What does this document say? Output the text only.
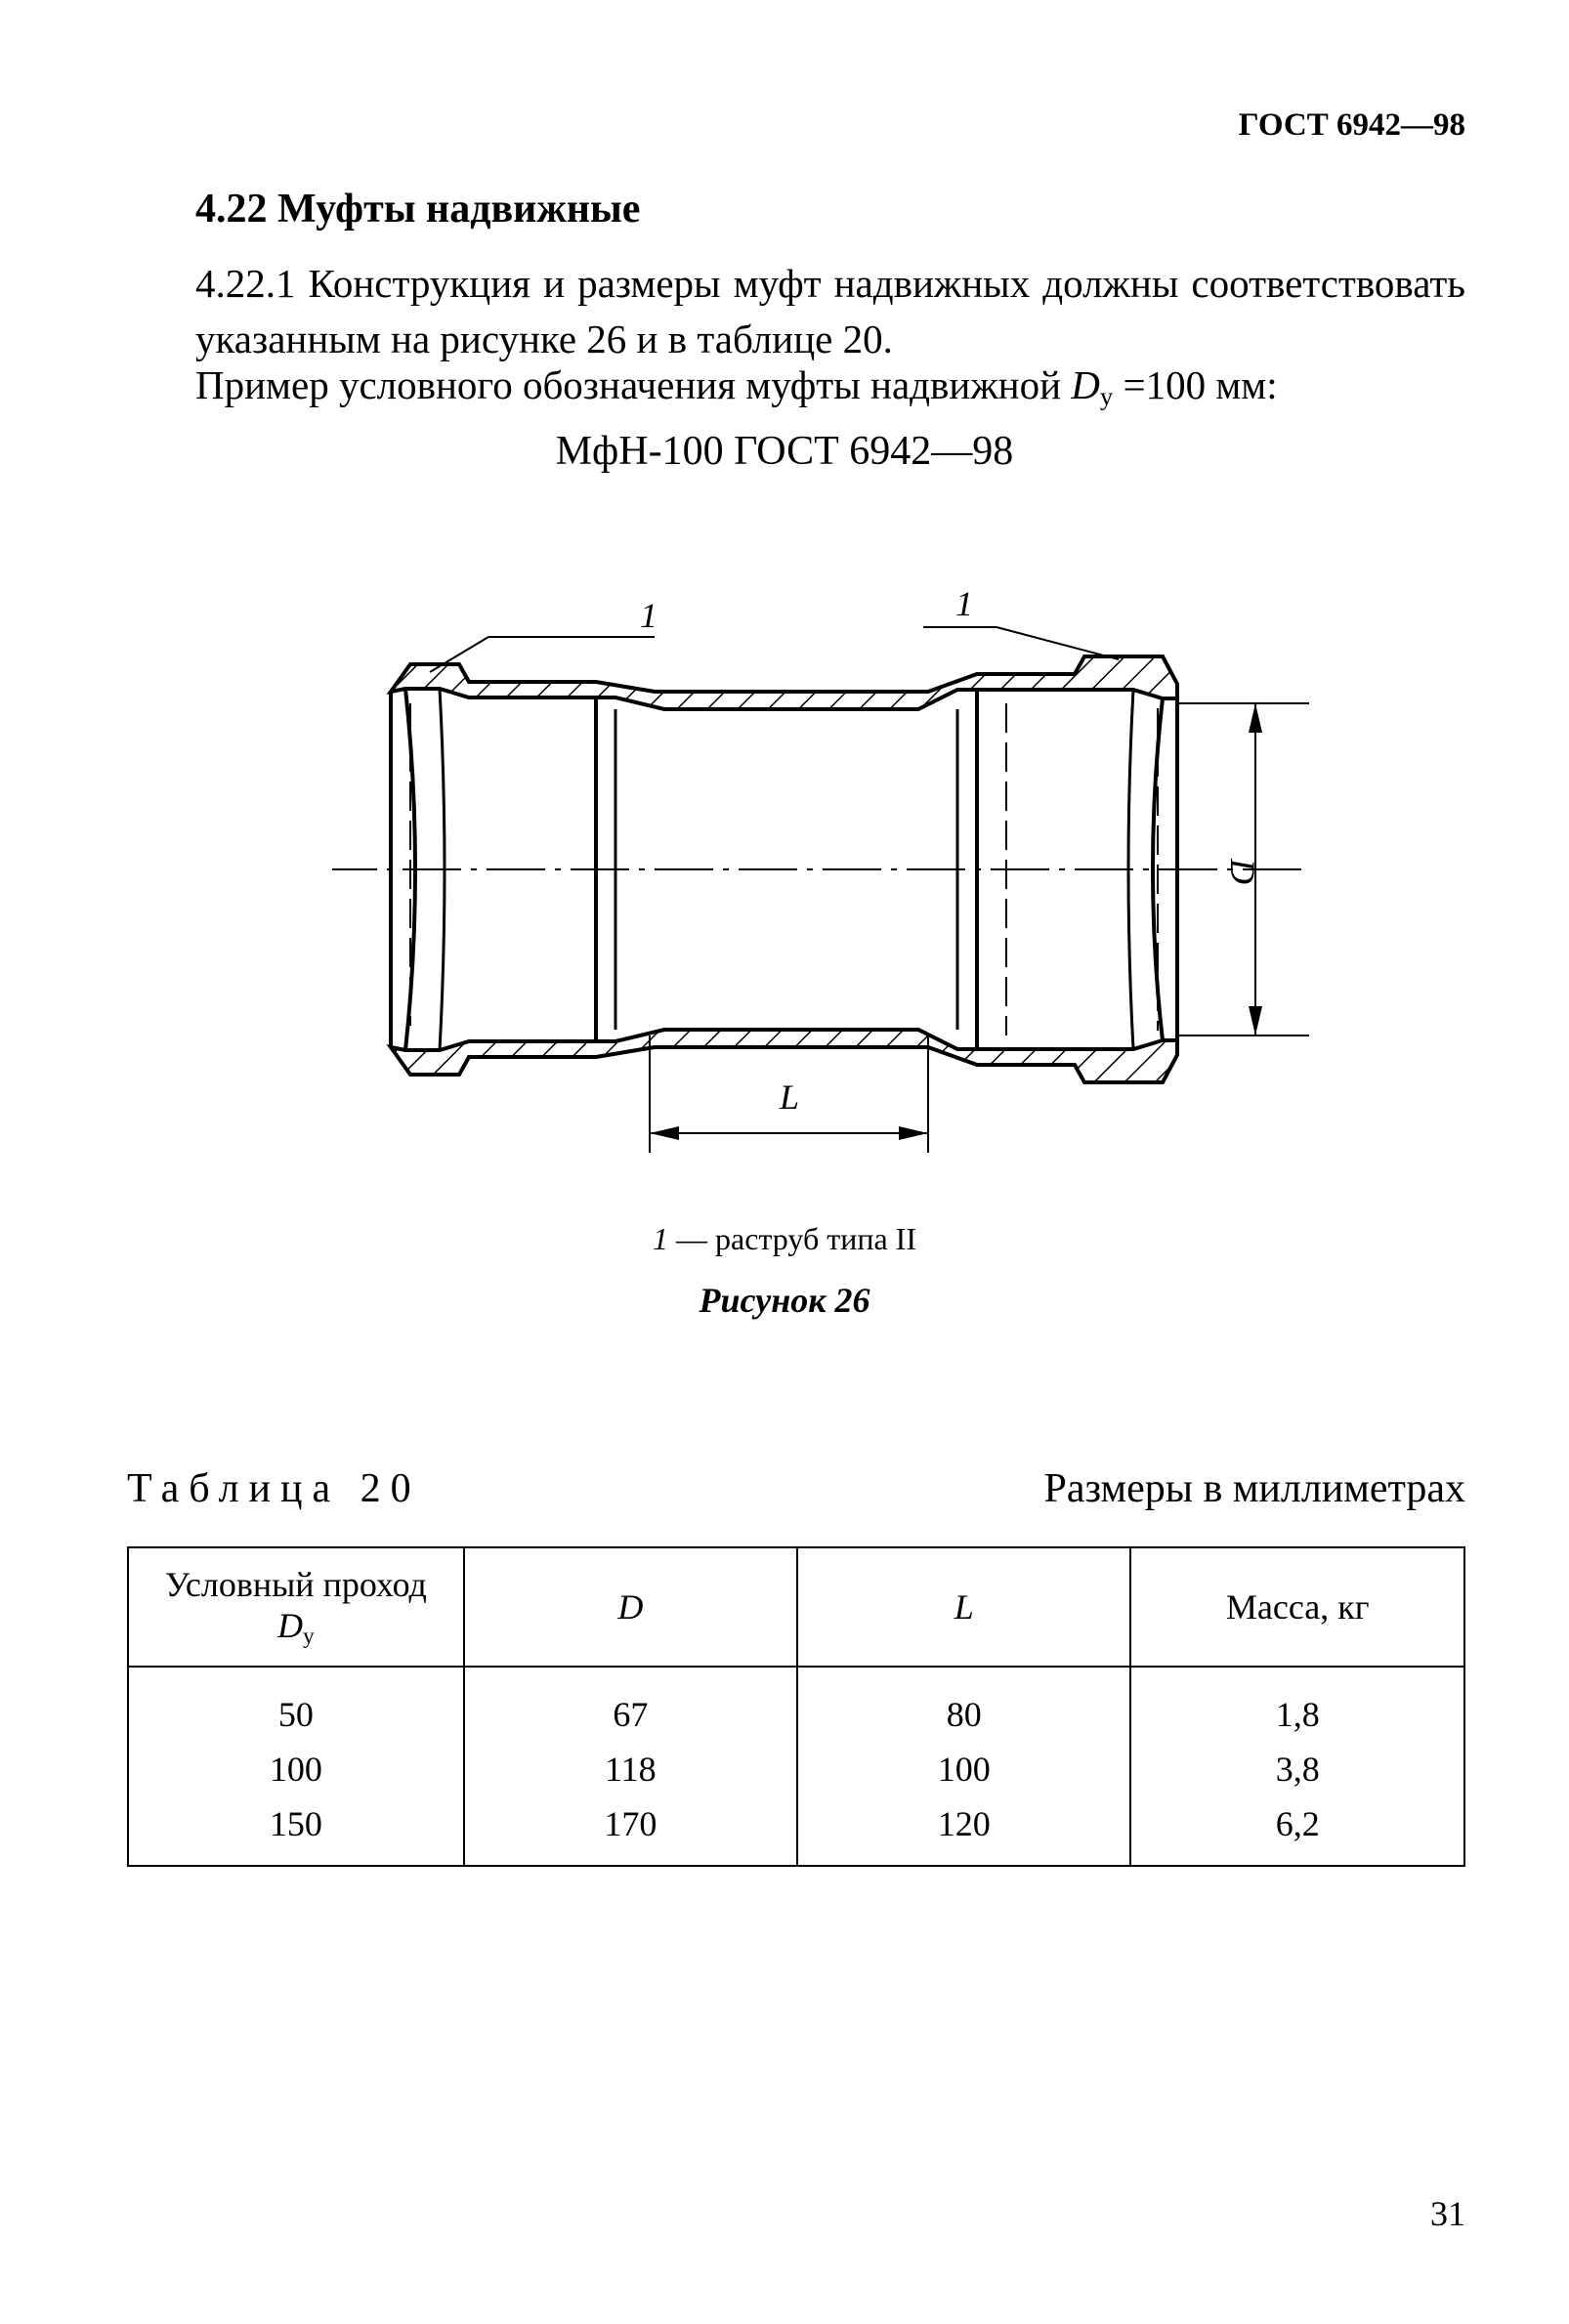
ГОСТ 6942—98
4.22 Муфты надвижные
4.22.1 Конструкция и размеры муфт надвижных должны соответствовать указанным на рисунке 26 и в таблице 20.
Пример условного обозначения муфты надвижной $D_у =100$ мм:
МфН-100 ГОСТ 6942—98
D
L
1	1
1 — раструб типа II
Рисунок 26
Таблица 20	Размеры в миллиметрах
Условный проход
$D_у$	D	L	Масса, кг
50	67	80	1,8
100	118	100	3,8
150	170	120	6,2
31
